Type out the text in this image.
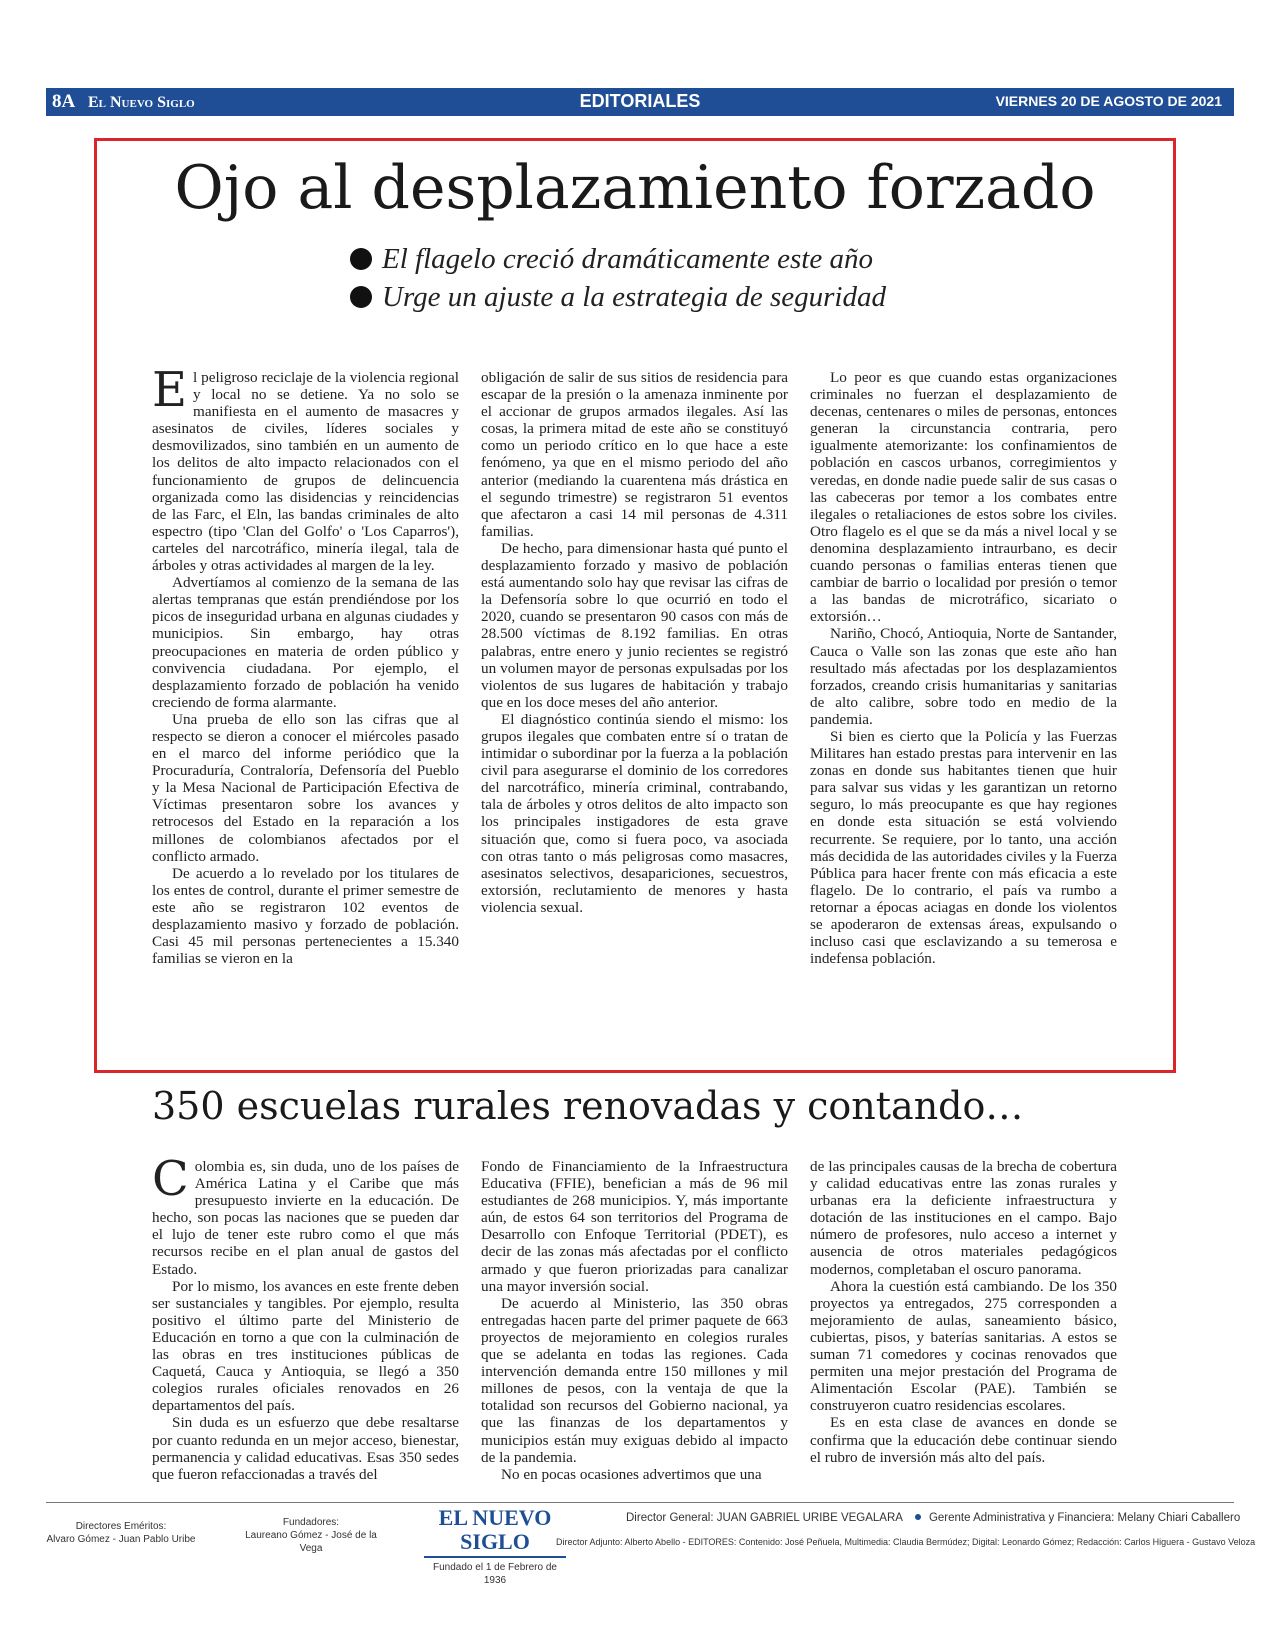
8A El Nuevo Siglo	EDITORIALES	VIERNES 20 DE AGOSTO DE 2021
Ojo al desplazamiento forzado
El flagelo creció dramáticamente este año
Urge un ajuste a la estrategia de seguridad

El peligroso reciclaje de la violencia regional y local no se detiene. Ya no solo se manifiesta en el aumento de masacres y asesinatos de civiles, líderes sociales y desmovilizados, sino también en un aumento de los delitos de alto impacto relacionados con el funcionamiento de grupos de delincuencia organizada como las disidencias y reincidencias de las Farc, el Eln, las bandas criminales de alto espectro (tipo 'Clan del Golfo' o 'Los Caparros'), carteles del narcotráfico, minería ilegal, tala de árboles y otras actividades al margen de la ley.

Advertíamos al comienzo de la semana de las alertas tempranas que están prendiéndose por los picos de inseguridad urbana en algunas ciudades y municipios. Sin embargo, hay otras preocupaciones en materia de orden público y convivencia ciudadana. Por ejemplo, el desplazamiento forzado de población ha venido creciendo de forma alarmante.

Una prueba de ello son las cifras que al respecto se dieron a conocer el miércoles pasado en el marco del informe periódico que la Procuraduría, Contraloría, Defensoría del Pueblo y la Mesa Nacional de Participación Efectiva de Víctimas presentaron sobre los avances y retrocesos del Estado en la reparación a los millones de colombianos afectados por el conflicto armado.

De acuerdo a lo revelado por los titulares de los entes de control, durante el primer semestre de este año se registraron 102 eventos de desplazamiento masivo y forzado de población. Casi 45 mil personas pertenecientes a 15.340 familias se vieron en la

obligación de salir de sus sitios de residencia para escapar de la presión o la amenaza inminente por el accionar de grupos armados ilegales. Así las cosas, la primera mitad de este año se constituyó como un periodo crítico en lo que hace a este fenómeno, ya que en el mismo periodo del año anterior (mediando la cuarentena más drástica en el segundo trimestre) se registraron 51 eventos que afectaron a casi 14 mil personas de 4.311 familias.

De hecho, para dimensionar hasta qué punto el desplazamiento forzado y masivo de población está aumentando solo hay que revisar las cifras de la Defensoría sobre lo que ocurrió en todo el 2020, cuando se presentaron 90 casos con más de 28.500 víctimas de 8.192 familias. En otras palabras, entre enero y junio recientes se registró un volumen mayor de personas expulsadas por los violentos de sus lugares de habitación y trabajo que en los doce meses del año anterior.

El diagnóstico continúa siendo el mismo: los grupos ilegales que combaten entre sí o tratan de intimidar o subordinar por la fuerza a la población civil para asegurarse el dominio de los corredores del narcotráfico, minería criminal, contrabando, tala de árboles y otros delitos de alto impacto son los principales instigadores de esta grave situación que, como si fuera poco, va asociada con otras tanto o más peligrosas como masacres, asesinatos selectivos, desapariciones, secuestros, extorsión, reclutamiento de menores y hasta violencia sexual.

Lo peor es que cuando estas organizaciones criminales no fuerzan el desplazamiento de decenas, centenares o miles de personas, entonces generan la circunstancia contraria, pero igualmente atemorizante: los confinamientos de población en cascos urbanos, corregimientos y veredas, en donde nadie puede salir de sus casas o las cabeceras por temor a los combates entre ilegales o retaliaciones de estos sobre los civiles. Otro flagelo es el que se da más a nivel local y se denomina desplazamiento intraurbano, es decir cuando personas o familias enteras tienen que cambiar de barrio o localidad por presión o temor a las bandas de microtráfico, sicariato o extorsión…

Nariño, Chocó, Antioquia, Norte de Santander, Cauca o Valle son las zonas que este año han resultado más afectadas por los desplazamientos forzados, creando crisis humanitarias y sanitarias de alto calibre, sobre todo en medio de la pandemia.

Si bien es cierto que la Policía y las Fuerzas Militares han estado prestas para intervenir en las zonas en donde sus habitantes tienen que huir para salvar sus vidas y les garantizan un retorno seguro, lo más preocupante es que hay regiones en donde esta situación se está volviendo recurrente. Se requiere, por lo tanto, una acción más decidida de las autoridades civiles y la Fuerza Pública para hacer frente con más eficacia a este flagelo. De lo contrario, el país va rumbo a retornar a épocas aciagas en donde los violentos se apoderaron de extensas áreas, expulsando o incluso casi que esclavizando a su temerosa e indefensa población.

350 escuelas rurales renovadas y contando…

Colombia es, sin duda, uno de los países de América Latina y el Caribe que más presupuesto invierte en la educación. De hecho, son pocas las naciones que se pueden dar el lujo de tener este rubro como el que más recursos recibe en el plan anual de gastos del Estado.

Por lo mismo, los avances en este frente deben ser sustanciales y tangibles. Por ejemplo, resulta positivo el último parte del Ministerio de Educación en torno a que con la culminación de las obras en tres instituciones públicas de Caquetá, Cauca y Antioquia, se llegó a 350 colegios rurales oficiales renovados en 26 departamentos del país.

Sin duda es un esfuerzo que debe resaltarse por cuanto redunda en un mejor acceso, bienestar, permanencia y calidad educativas. Esas 350 sedes que fueron refaccionadas a través del

Fondo de Financiamiento de la Infraestructura Educativa (FFIE), benefician a más de 96 mil estudiantes de 268 municipios. Y, más importante aún, de estos 64 son territorios del Programa de Desarrollo con Enfoque Territorial (PDET), es decir de las zonas más afectadas por el conflicto armado y que fueron priorizadas para canalizar una mayor inversión social.

De acuerdo al Ministerio, las 350 obras entregadas hacen parte del primer paquete de 663 proyectos de mejoramiento en colegios rurales que se adelanta en todas las regiones. Cada intervención demanda entre 150 millones y mil millones de pesos, con la ventaja de que la totalidad son recursos del Gobierno nacional, ya que las finanzas de los departamentos y municipios están muy exiguas debido al impacto de la pandemia.

No en pocas ocasiones advertimos que una

de las principales causas de la brecha de cobertura y calidad educativas entre las zonas rurales y urbanas era la deficiente infraestructura y dotación de las instituciones en el campo. Bajo número de profesores, nulo acceso a internet y ausencia de otros materiales pedagógicos modernos, completaban el oscuro panorama.

Ahora la cuestión está cambiando. De los 350 proyectos ya entregados, 275 corresponden a mejoramiento de aulas, saneamiento básico, cubiertas, pisos, y baterías sanitarias. A estos se suman 71 comedores y cocinas renovados que permiten una mejor prestación del Programa de Alimentación Escolar (PAE). También se construyeron cuatro residencias escolares.

Es en esta clase de avances en donde se confirma que la educación debe continuar siendo el rubro de inversión más alto del país.

Directores Eméritos:
Alvaro Gómez - Juan Pablo Uribe
Fundadores:
Laureano Gómez - José de la Vega
EL NUEVO SIGLO
Fundado el 1 de Febrero de 1936
Director General: JUAN GABRIEL URIBE VEGALARA Gerente Administrativa y Financiera: Melany Chiari Caballero
Director Adjunto: Alberto Abello - EDITORES: Contenido: José Peñuela, Multimedia: Claudia Bermúdez; Digital: Leonardo Gómez; Redacción: Carlos Higuera - Gustavo Veloza
